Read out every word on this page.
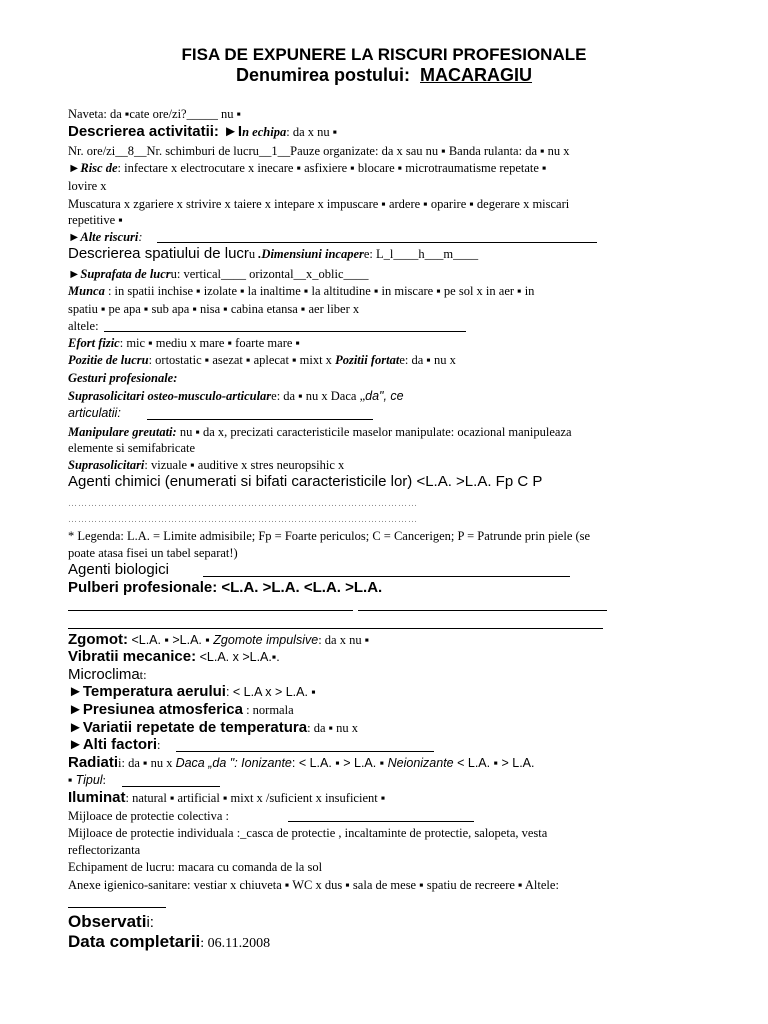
FISA DE EXPUNERE LA RISCURI PROFESIONALE
Denumirea postului: MACARAGIU
Naveta: da ▪cate ore/zi?_____ nu ▪
Descrierea activitatii: ►In echipa: da x nu ▪
Nr. ore/zi__8__Nr. schimburi de lucru__1__Pauze organizate: da x sau nu ▪ Banda rulanta: da ▪ nu x
►Risc de: infectare x electrocutare x inecare ▪ asfixiere ▪ blocare ▪ microtraumatisme repetate ▪
lovire x
Muscatura x zgariere x strivire x taiere x intepare x impuscare ▪ ardere ▪ oparire ▪ degerare x miscari
repetitive ▪
►Alte riscuri:
Descrierea spatiului de lucru .Dimensiuni incapere: L_l____h___m____
►Suprafata de lucru: vertical____ orizontal__x_oblic____
Munca : in spatii inchise ▪ izolate ▪ la inaltime ▪ la altitudine ▪ in miscare ▪ pe sol x in aer ▪ in
spatiu ▪ pe apa ▪ sub apa ▪ nisa ▪ cabina etansa ▪ aer liber x
altele:
Efort fizic: mic ▪ mediu x mare ▪ foarte mare ▪
Pozitie de lucru: ortostatic ▪ asezat ▪ aplecat ▪ mixt x Pozitii fortate: da ▪ nu x
Gesturi profesionale:
Suprasolicitari osteo-musculo-articulare: da ▪ nu x Daca „da", ce
articulatii:
Manipulare greutati: nu ▪ da x, precizati caracteristicile maselor manipulate: ocazional manipuleaza
elemente si semifabricate
Suprasolicitari: vizuale ▪ auditive x stres neuropsihic x
Agenti chimici (enumerati si bifati caracteristicile lor) <L.A. >L.A. Fp C P
……………………………………………………………………………………………
……………………………………………………………………………………………
* Legenda: L.A. = Limite admisibile; Fp = Foarte periculos; C = Cancerigen; P = Patrunde prin piele (se
poate atasa fisei un tabel separat!)
Agenti biologici
Pulberi profesionale: <L.A. >L.A. <L.A. >L.A.
Zgomot: <L.A. ▪ >L.A. ▪ Zgomote impulsive: da x nu ▪
Vibratii mecanice: <L.A. x >L.A.▪.
Microclimat:
►Temperatura aerului: < L.A x > L.A. ▪
►Presiunea atmosferica : normala
►Variatii repetate de temperatura: da ▪ nu x
►Alti factori:
Radiatii: da ▪ nu x Daca „da ": Ionizante: < L.A. ▪ > L.A. ▪ Neionizante < L.A. ▪ > L.A.
▪ Tipul:
Iluminat: natural ▪ artificial ▪ mixt x /suficient x insuficient ▪
Mijloace de protectie colectiva :
Mijloace de protectie individuala :_casca de protectie , incaltaminte de protectie, salopeta, vesta
reflectorizanta
Echipament de lucru: macara cu comanda de la sol
Anexe igienico-sanitare: vestiar x chiuveta ▪ WC x dus ▪ sala de mese ▪ spatiu de recreere ▪ Altele:
Observatii:
Data completarii: 06.11.2008
